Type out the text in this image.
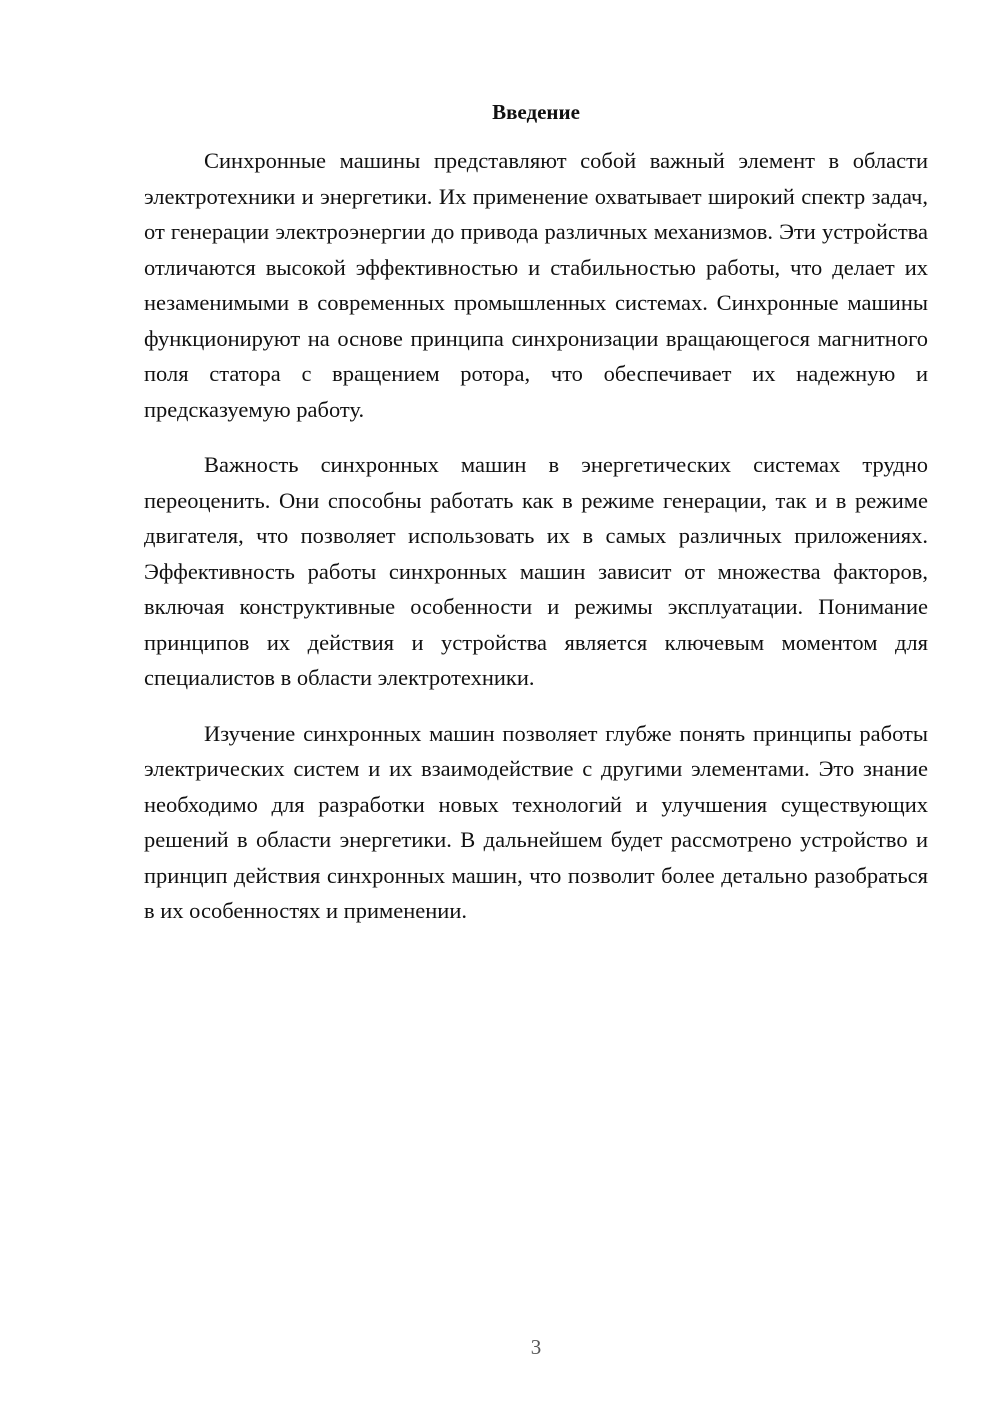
Введение

Синхронные машины представляют собой важный элемент в области электротехники и энергетики. Их применение охватывает широкий спектр задач, от генерации электроэнергии до привода различных механизмов. Эти устройства отличаются высокой эффективностью и стабильностью работы, что делает их незаменимыми в современных промышленных системах. Синхронные машины функционируют на основе принципа синхронизации вращающегося магнитного поля статора с вращением ротора, что обеспечивает их надежную и предсказуемую работу.

Важность синхронных машин в энергетических системах трудно переоценить. Они способны работать как в режиме генерации, так и в режиме двигателя, что позволяет использовать их в самых различных приложениях. Эффективность работы синхронных машин зависит от множества факторов, включая конструктивные особенности и режимы эксплуатации. Понимание принципов их действия и устройства является ключевым моментом для специалистов в области электротехники.

Изучение синхронных машин позволяет глубже понять принципы работы электрических систем и их взаимодействие с другими элементами. Это знание необходимо для разработки новых технологий и улучшения существующих решений в области энергетики. В дальнейшем будет рассмотрено устройство и принцип действия синхронных машин, что позволит более детально разобраться в их особенностях и применении.

3
